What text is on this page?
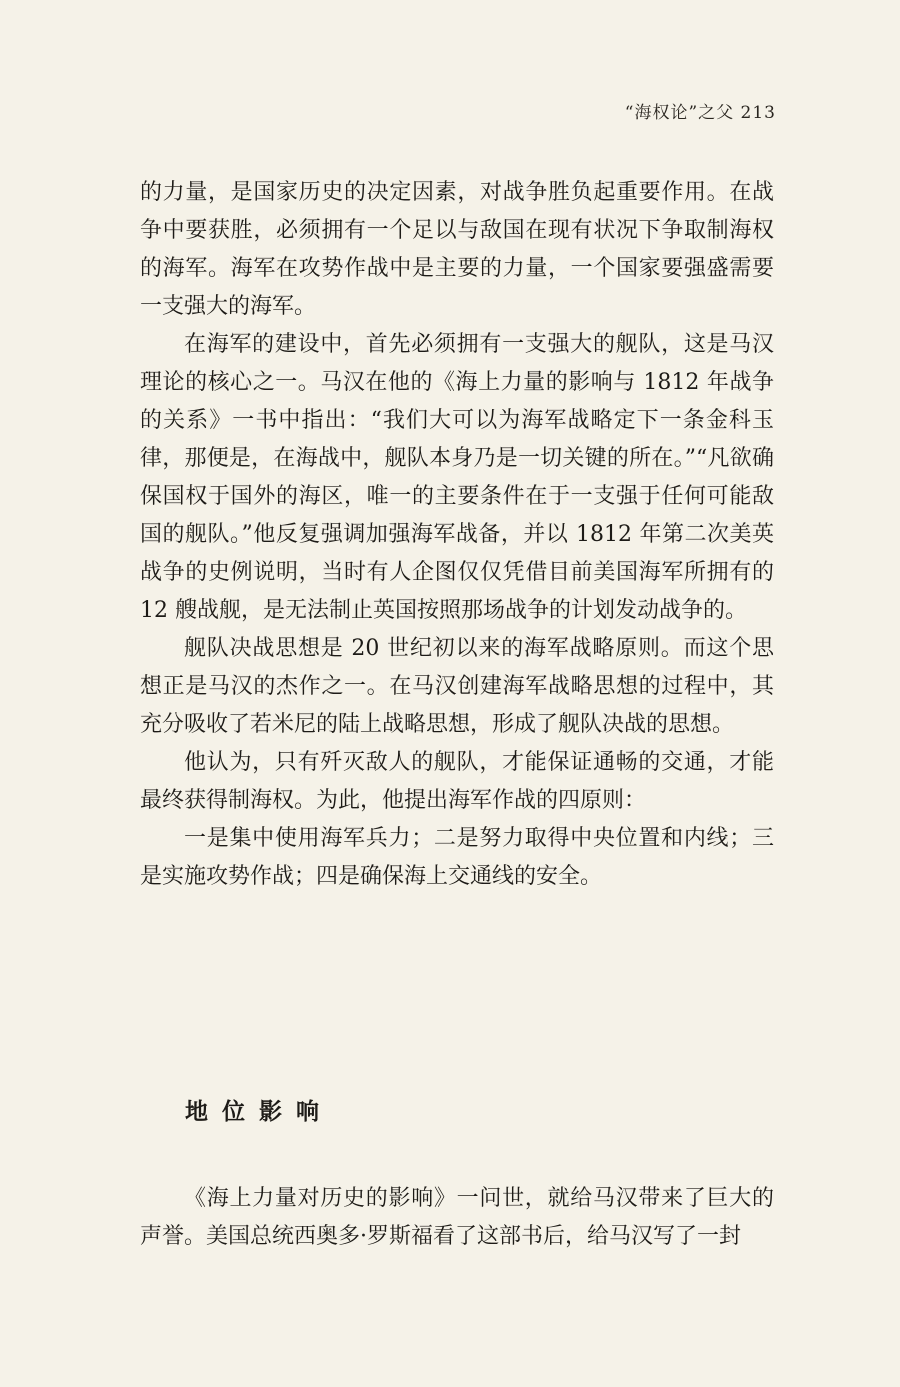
“海权论”之父 213

的力量，是国家历史的决定因素，对战争胜负起重要作用。在战争中要获胜，必须拥有一个足以与敌国在现有状况下争取制海权的海军。海军在攻势作战中是主要的力量，一个国家要强盛需要一支强大的海军。

在海军的建设中，首先必须拥有一支强大的舰队，这是马汉理论的核心之一。马汉在他的《海上力量的影响与 1812 年战争的关系》一书中指出：“我们大可以为海军战略定下一条金科玉律，那便是，在海战中，舰队本身乃是一切关键的所在。”“凡欲确保国权于国外的海区，唯一的主要条件在于一支强于任何可能敌国的舰队。”他反复强调加强海军战备，并以 1812 年第二次美英战争的史例说明，当时有人企图仅仅凭借目前美国海军所拥有的 12 艘战舰，是无法制止英国按照那场战争的计划发动战争的。

舰队决战思想是 20 世纪初以来的海军战略原则。而这个思想正是马汉的杰作之一。在马汉创建海军战略思想的过程中，其充分吸收了若米尼的陆上战略思想，形成了舰队决战的思想。

他认为，只有歼灭敌人的舰队，才能保证通畅的交通，才能最终获得制海权。为此，他提出海军作战的四原则：

一是集中使用海军兵力；二是努力取得中央位置和内线；三是实施攻势作战；四是确保海上交通线的安全。

地位影响

《海上力量对历史的影响》一问世，就给马汉带来了巨大的声誉。美国总统西奥多·罗斯福看了这部书后，给马汉写了一封
